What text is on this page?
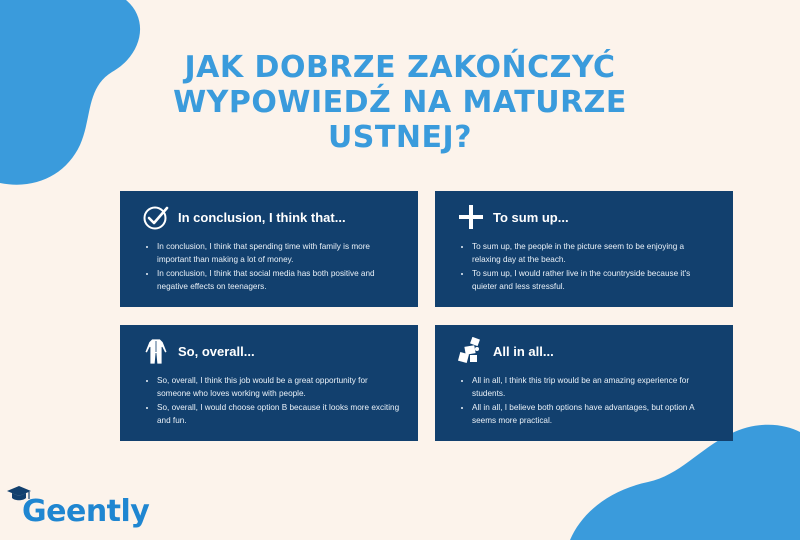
JAK DOBRZE ZAKOŃCZYĆ
WYPOWIEDŹ NA MATURZE
USTNEJ?
In conclusion, I think that...
• In conclusion, I think that spending time with family is more important than making a lot of money.
• In conclusion, I think that social media has both positive and negative effects on teenagers.
To sum up...
• To sum up, the people in the picture seem to be enjoying a relaxing day at the beach.
• To sum up, I would rather live in the countryside because it's quieter and less stressful.
So, overall...
• So, overall, I think this job would be a great opportunity for someone who loves working with people.
• So, overall, I would choose option B because it looks more exciting and fun.
All in all...
• All in all, I think this trip would be an amazing experience for students.
• All in all, I believe both options have advantages, but option A seems more practical.
Geently
